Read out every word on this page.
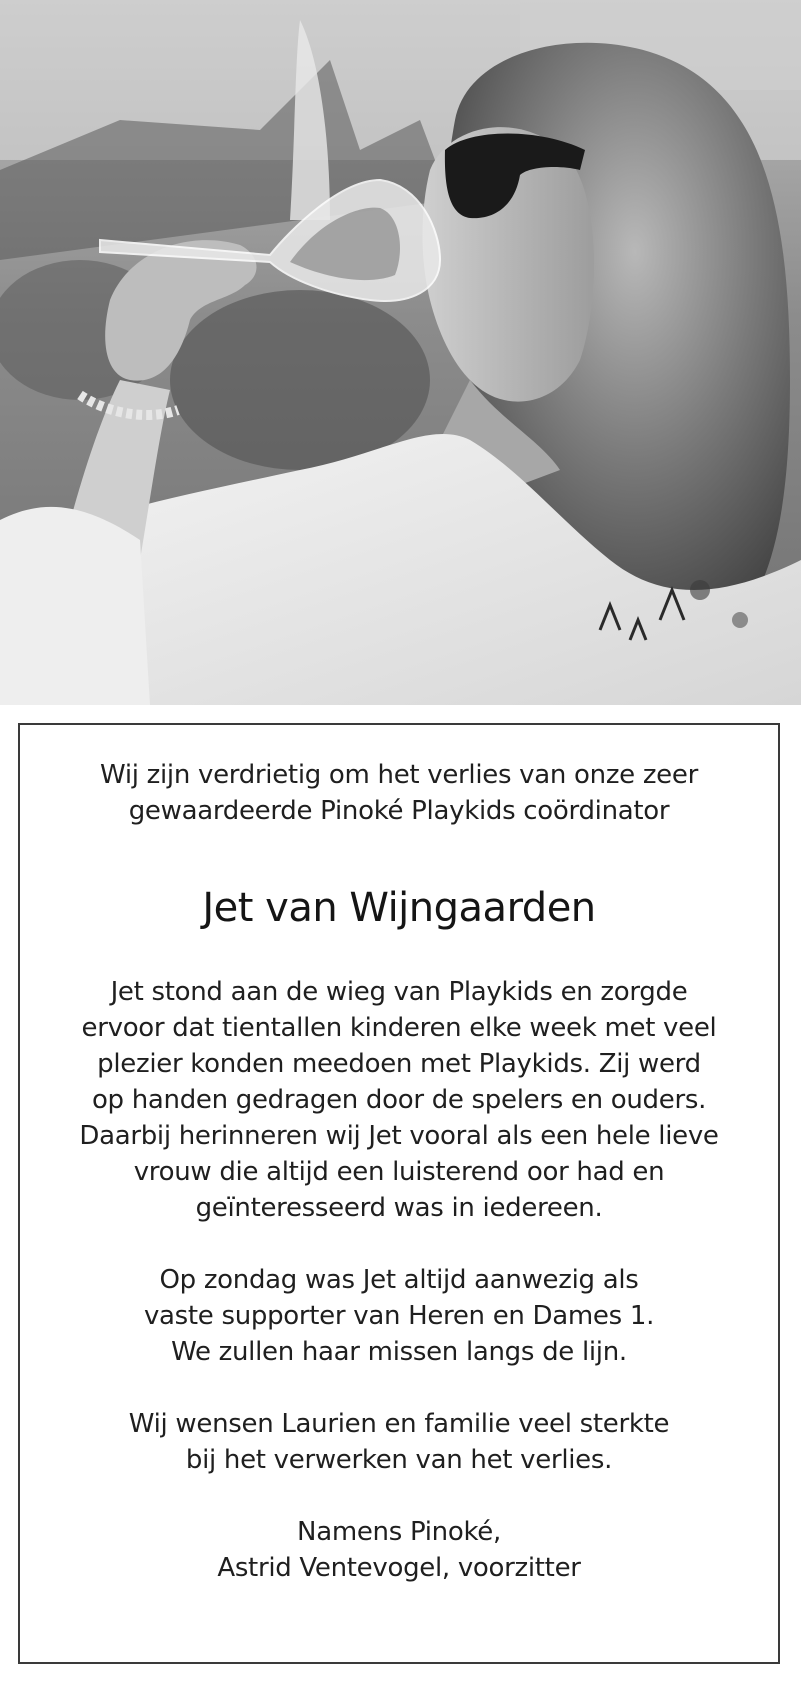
Wij zijn verdrietig om het verlies van onze zeer
gewaardeerde Pinoké Playkids coördinator
Jet van Wijngaarden
Jet stond aan de wieg van Playkids en zorgde
ervoor dat tientallen kinderen elke week met veel
plezier konden meedoen met Playkids. Zij werd
op handen gedragen door de spelers en ouders.
Daarbij herinneren wij Jet vooral als een hele lieve
vrouw die altijd een luisterend oor had en
geïnteresseerd was in iedereen.
Op zondag was Jet altijd aanwezig als
vaste supporter van Heren en Dames 1.
We zullen haar missen langs de lijn.
Wij wensen Laurien en familie veel sterkte
bij het verwerken van het verlies.
Namens Pinoké,
Astrid Ventevogel, voorzitter
